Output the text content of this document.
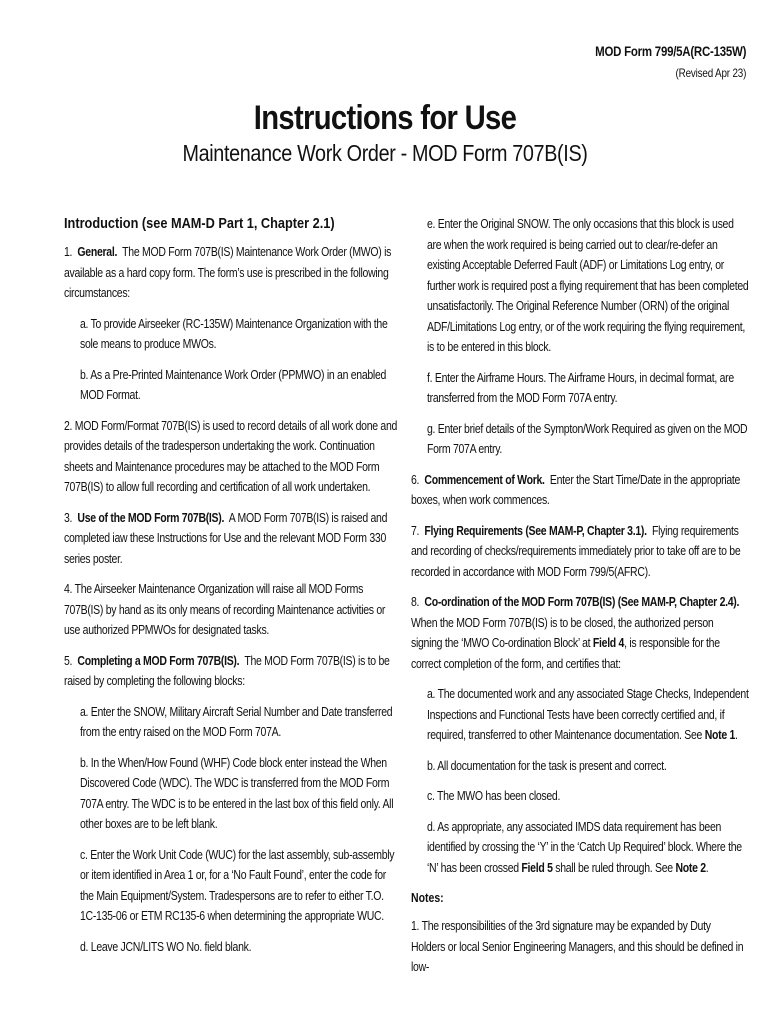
MOD Form 799/5A(RC-135W)
(Revised Apr 23)
Instructions for Use
Maintenance Work Order - MOD Form 707B(IS)
Introduction (see MAM-D Part 1, Chapter 2.1)

1. General. The MOD Form 707B(IS) Maintenance Work Order (MWO) is available as a hard copy form. The form’s use is prescribed in the following circumstances:

a. To provide Airseeker (RC-135W) Maintenance Organization with the sole means to produce MWOs.

b. As a Pre-Printed Maintenance Work Order (PPMWO) in an enabled MOD Format.

2. MOD Form/Format 707B(IS) is used to record details of all work done and provides details of the tradesperson undertaking the work. Continuation sheets and Maintenance procedures may be attached to the MOD Form 707B(IS) to allow full recording and certification of all work undertaken.

3. Use of the MOD Form 707B(IS). A MOD Form 707B(IS) is raised and completed iaw these Instructions for Use and the relevant MOD Form 330 series poster.

4. The Airseeker Maintenance Organization will raise all MOD Forms 707B(IS) by hand as its only means of recording Maintenance activities or use authorized PPMWOs for designated tasks.

5. Completing a MOD Form 707B(IS). The MOD Form 707B(IS) is to be raised by completing the following blocks:

a. Enter the SNOW, Military Aircraft Serial Number and Date transferred from the entry raised on the MOD Form 707A.

b. In the When/How Found (WHF) Code block enter instead the When Discovered Code (WDC). The WDC is transferred from the MOD Form 707A entry. The WDC is to be entered in the last box of this field only. All other boxes are to be left blank.

c. Enter the Work Unit Code (WUC) for the last assembly, sub-assembly or item identified in Area 1 or, for a ‘No Fault Found’, enter the code for the Main Equipment/System. Tradespersons are to refer to either T.O. 1C-135-06 or ETM RC135-6 when determining the appropriate WUC.

d. Leave JCN/LITS WO No. field blank.

e. Enter the Original SNOW. The only occasions that this block is used are when the work required is being carried out to clear/re-defer an existing Acceptable Deferred Fault (ADF) or Limitations Log entry, or further work is required post a flying requirement that has been completed unsatisfactorily. The Original Reference Number (ORN) of the original ADF/Limitations Log entry, or of the work requiring the flying requirement, is to be entered in this block.

f. Enter the Airframe Hours. The Airframe Hours, in decimal format, are transferred from the MOD Form 707A entry.

g. Enter brief details of the Sympton/Work Required as given on the MOD Form 707A entry.

6. Commencement of Work. Enter the Start Time/Date in the appropriate boxes, when work commences.

7. Flying Requirements (See MAM-P, Chapter 3.1). Flying requirements and recording of checks/requirements immediately prior to take off are to be recorded in accordance with MOD Form 799/5(AFRC).

8. Co-ordination of the MOD Form 707B(IS) (See MAM-P, Chapter 2.4).
When the MOD Form 707B(IS) is to be closed, the authorized person signing the ‘MWO Co-ordination Block’ at Field 4, is responsible for the correct completion of the form, and certifies that:

a. The documented work and any associated Stage Checks, Independent Inspections and Functional Tests have been correctly certified and, if required, transferred to other Maintenance documentation. See Note 1.

b. All documentation for the task is present and correct.

c. The MWO has been closed.

d. As appropriate, any associated IMDS data requirement has been identified by crossing the ‘Y’ in the ‘Catch Up Required’ block. Where the ‘N’ has been crossed Field 5 shall be ruled through. See Note 2.

Notes:

1. The responsibilities of the 3rd signature may be expanded by Duty Holders or local Senior Engineering Managers, and this should be defined in low-
